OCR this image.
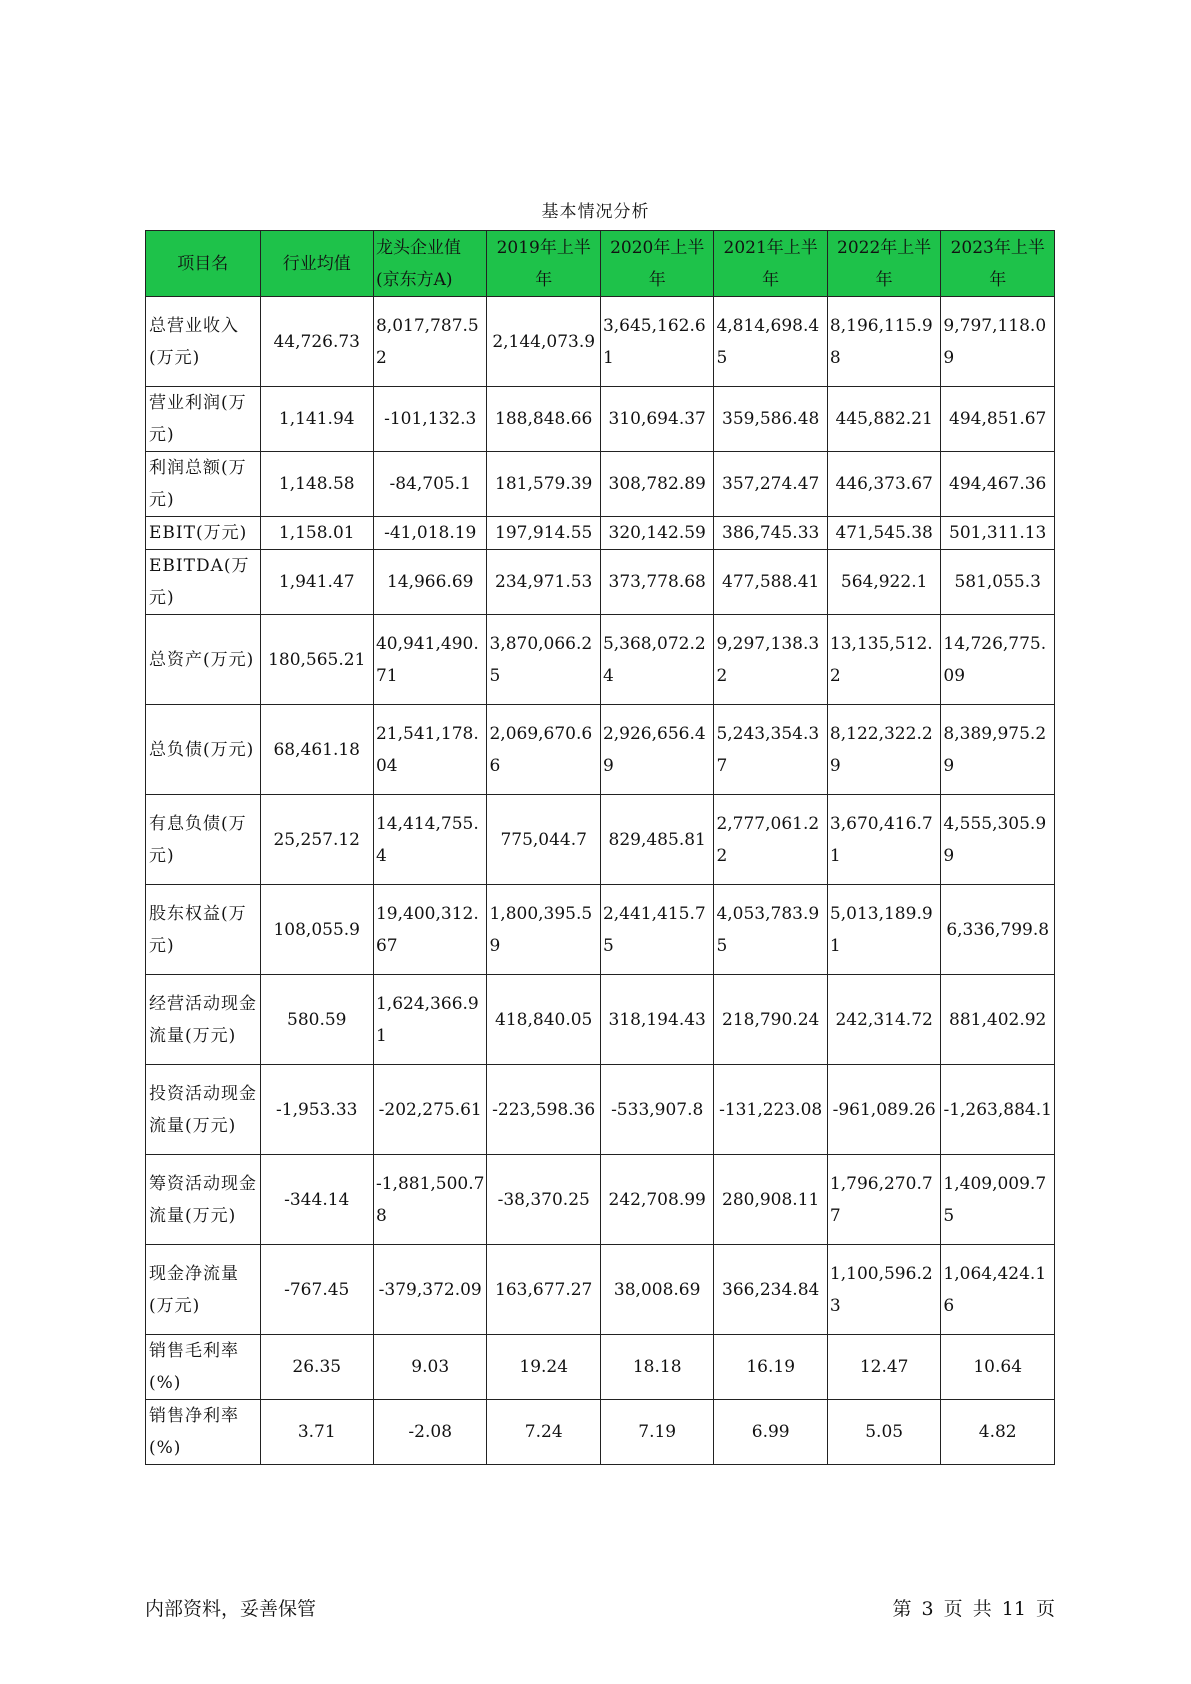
基本情况分析
项目名	行业均值	龙头企业值(京东方A)	2019年上半年	2020年上半年	2021年上半年	2022年上半年	2023年上半年
总营业收入(万元)	44,726.73	8,017,787.52	2,144,073.9	3,645,162.61	4,814,698.45	8,196,115.98	9,797,118.09
营业利润(万元)	1,141.94	-101,132.3	188,848.66	310,694.37	359,586.48	445,882.21	494,851.67
利润总额(万元)	1,148.58	-84,705.1	181,579.39	308,782.89	357,274.47	446,373.67	494,467.36
EBIT(万元)	1,158.01	-41,018.19	197,914.55	320,142.59	386,745.33	471,545.38	501,311.13
EBITDA(万元)	1,941.47	14,966.69	234,971.53	373,778.68	477,588.41	564,922.1	581,055.3
总资产(万元)	180,565.21	40,941,490.71	3,870,066.25	5,368,072.24	9,297,138.32	13,135,512.2	14,726,775.09
总负债(万元)	68,461.18	21,541,178.04	2,069,670.66	2,926,656.49	5,243,354.37	8,122,322.29	8,389,975.29
有息负债(万元)	25,257.12	14,414,755.4	775,044.7	829,485.81	2,777,061.22	3,670,416.71	4,555,305.99
股东权益(万元)	108,055.9	19,400,312.67	1,800,395.59	2,441,415.75	4,053,783.95	5,013,189.91	6,336,799.8
经营活动现金流量(万元)	580.59	1,624,366.91	418,840.05	318,194.43	218,790.24	242,314.72	881,402.92
投资活动现金流量(万元)	-1,953.33	-202,275.61	-223,598.36	-533,907.8	-131,223.08	-961,089.26	-1,263,884.1
筹资活动现金流量(万元)	-344.14	-1,881,500.78	-38,370.25	242,708.99	280,908.11	1,796,270.77	1,409,009.75
现金净流量(万元)	-767.45	-379,372.09	163,677.27	38,008.69	366,234.84	1,100,596.23	1,064,424.16
销售毛利率(%)	26.35	9.03	19.24	18.18	16.19	12.47	10.64
销售净利率(%)	3.71	-2.08	7.24	7.19	6.99	5.05	4.82
内部资料，妥善保管	第 3 页 共 11 页
